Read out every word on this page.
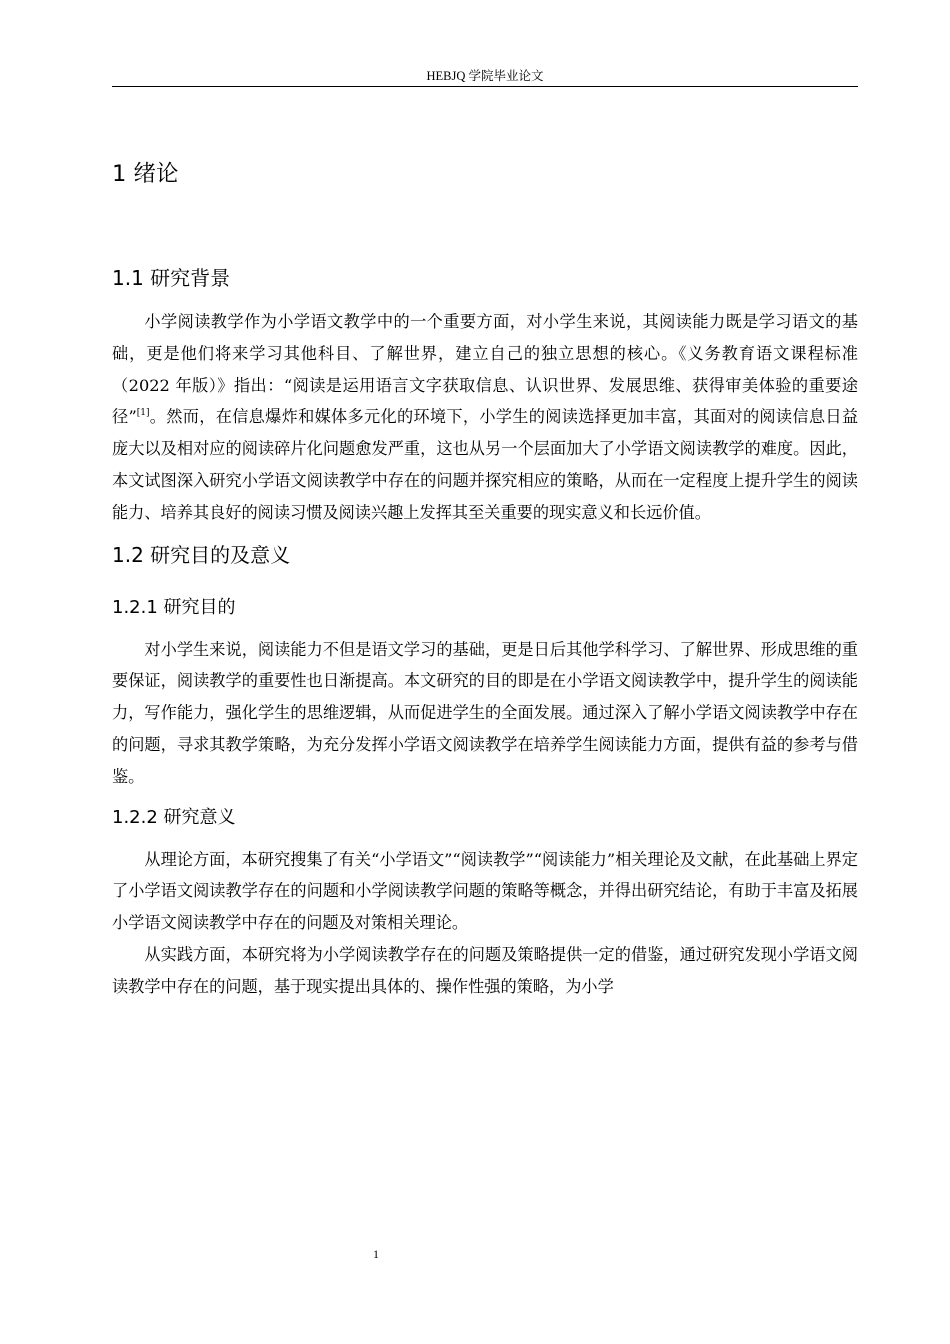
HEBJQ 学院毕业论文
1 绪论
1.1 研究背景

小学阅读教学作为小学语文教学中的一个重要方面，对小学生来说，其阅读能力既是学习语文的基础，更是他们将来学习其他科目、了解世界，建立自己的独立思想的核心。《义务教育语文课程标准（2022 年版）》指出：“阅读是运用语言文字获取信息、认识世界、发展思维、获得审美体验的重要途径”[1]。然而，在信息爆炸和媒体多元化的环境下，小学生的阅读选择更加丰富，其面对的阅读信息日益庞大以及相对应的阅读碎片化问题愈发严重，这也从另一个层面加大了小学语文阅读教学的难度。因此，本文试图深入研究小学语文阅读教学中存在的问题并探究相应的策略，从而在一定程度上提升学生的阅读能力、培养其良好的阅读习惯及阅读兴趣上发挥其至关重要的现实意义和长远价值。

1.2 研究目的及意义
1.2.1 研究目的

对小学生来说，阅读能力不但是语文学习的基础，更是日后其他学科学习、了解世界、形成思维的重要保证，阅读教学的重要性也日渐提高。本文研究的目的即是在小学语文阅读教学中，提升学生的阅读能力，写作能力，强化学生的思维逻辑，从而促进学生的全面发展。通过深入了解小学语文阅读教学中存在的问题，寻求其教学策略，为充分发挥小学语文阅读教学在培养学生阅读能力方面，提供有益的参考与借鉴。

1.2.2 研究意义

从理论方面，本研究搜集了有关“小学语文”“阅读教学”“阅读能力”相关理论及文献，在此基础上界定了小学语文阅读教学存在的问题和小学阅读教学问题的策略等概念，并得出研究结论，有助于丰富及拓展小学语文阅读教学中存在的问题及对策相关理论。

从实践方面，本研究将为小学阅读教学存在的问题及策略提供一定的借鉴，通过研究发现小学语文阅读教学中存在的问题，基于现实提出具体的、操作性强的策略，为小学

1
